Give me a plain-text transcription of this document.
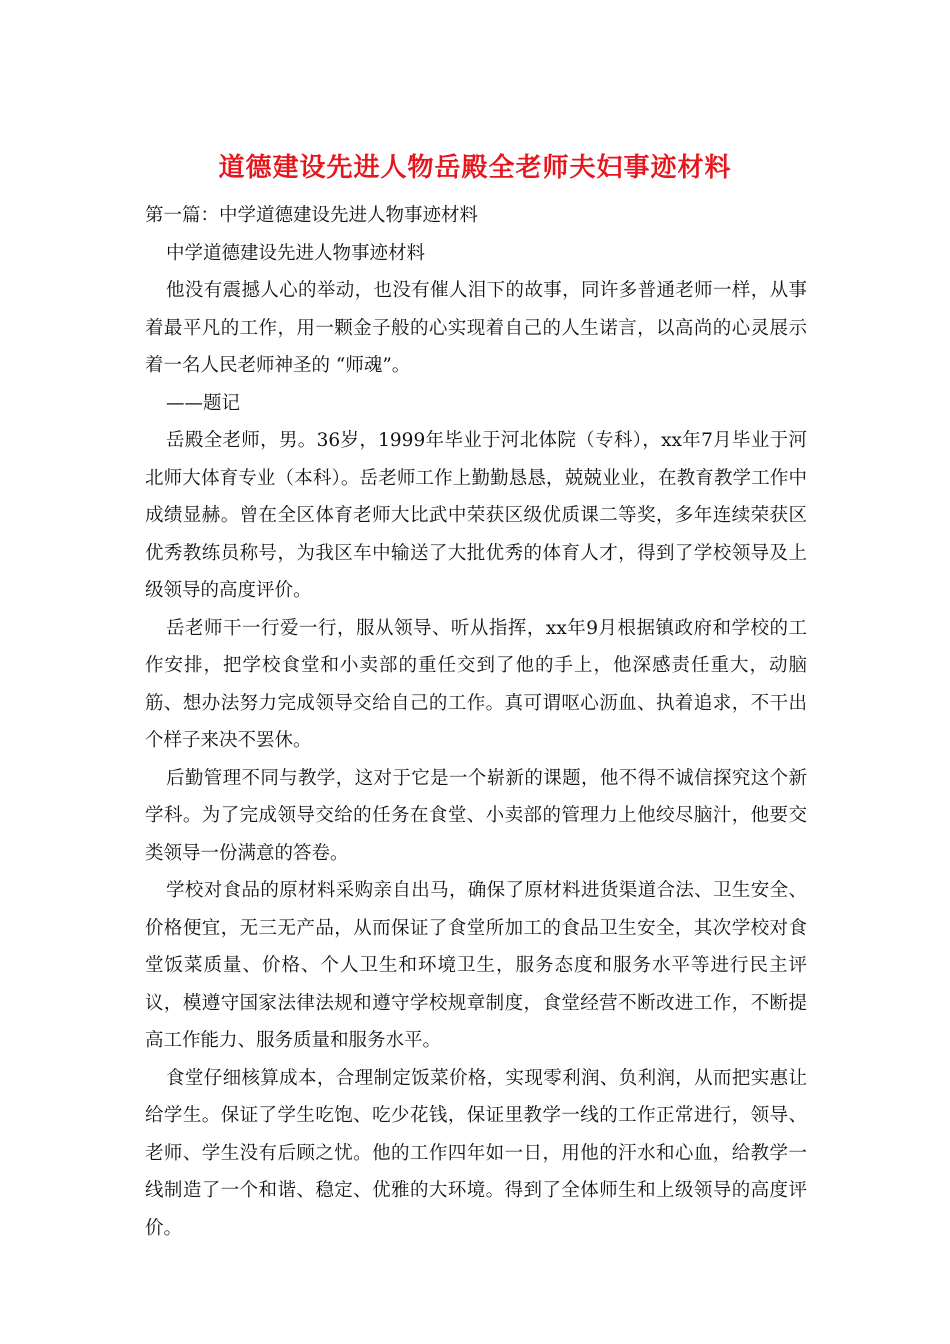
道德建设先进人物岳殿全老师夫妇事迹材料

第一篇：中学道德建设先进人物事迹材料

中学道德建设先进人物事迹材料

他没有震撼人心的举动，也没有催人泪下的故事，同许多普通老师一样，从事着最平凡的工作，用一颗金子般的心实现着自己的人生诺言，以高尚的心灵展示着一名人民老师神圣的 “师魂”。

——题记

岳殿全老师，男。36岁，1999年毕业于河北体院（专科），xx年7月毕业于河北师大体育专业（本科）。岳老师工作上勤勤恳恳，兢兢业业，在教育教学工作中成绩显赫。曾在全区体育老师大比武中荣获区级优质课二等奖，多年连续荣获区优秀教练员称号，为我区车中输送了大批优秀的体育人才，得到了学校领导及上级领导的高度评价。

岳老师干一行爱一行，服从领导、听从指挥，xx年9月根据镇政府和学校的工作安排，把学校食堂和小卖部的重任交到了他的手上，他深感责任重大，动脑筋、想办法努力完成领导交给自己的工作。真可谓呕心沥血、执着追求，不干出个样子来决不罢休。

后勤管理不同与教学，这对于它是一个崭新的课题，他不得不诚信探究这个新学科。为了完成领导交给的任务在食堂、小卖部的管理力上他绞尽脑汁，他要交类领导一份满意的答卷。

学校对食品的原材料采购亲自出马，确保了原材料进货渠道合法、卫生安全、价格便宜，无三无产品，从而保证了食堂所加工的食品卫生安全，其次学校对食堂饭菜质量、价格、个人卫生和环境卫生，服务态度和服务水平等进行民主评议，模遵守国家法律法规和遵守学校规章制度，食堂经营不断改进工作，不断提高工作能力、服务质量和服务水平。

食堂仔细核算成本，合理制定饭菜价格，实现零利润、负利润，从而把实惠让给学生。保证了学生吃饱、吃少花钱，保证里教学一线的工作正常进行，领导、老师、学生没有后顾之忧。他的工作四年如一日，用他的汗水和心血，给教学一线制造了一个和谐、稳定、优雅的大环境。得到了全体师生和上级领导的高度评价。
